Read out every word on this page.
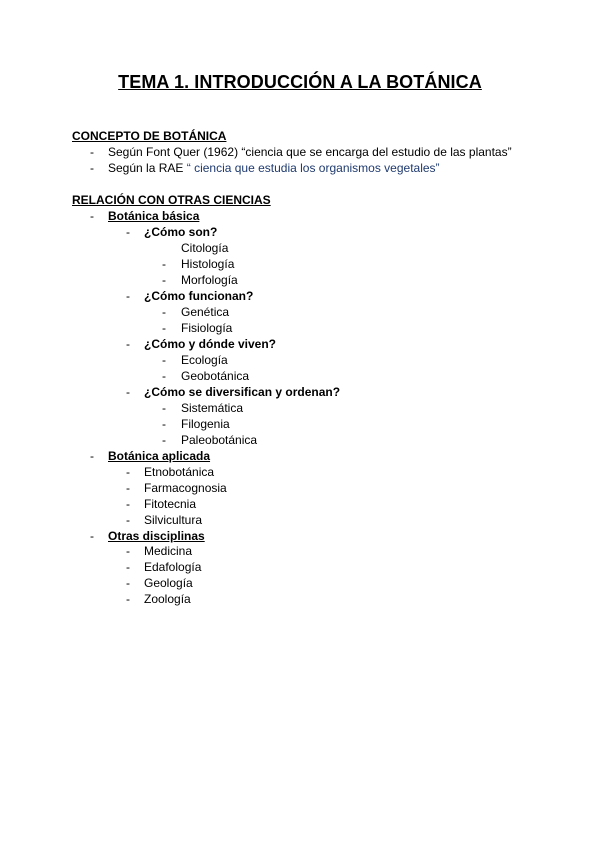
TEMA 1. INTRODUCCIÓN A LA BOTÁNICA
CONCEPTO DE BOTÁNICA
- Según Font Quer (1962) “ciencia que se encarga del estudio de las plantas”
- Según la RAE “ ciencia que estudia los organismos vegetales”
RELACIÓN CON OTRAS CIENCIAS
- Botánica básica
- ¿Cómo son?
Citología
- Histología
- Morfología
- ¿Cómo funcionan?
- Genética
- Fisiología
- ¿Cómo y dónde viven?
- Ecología
- Geobotánica
- ¿Cómo se diversifican y ordenan?
- Sistemática
- Filogenia
- Paleobotánica
- Botánica aplicada
- Etnobotánica
- Farmacognosia
- Fitotecnia
- Silvicultura
- Otras disciplinas
- Medicina
- Edafología
- Geología
- Zoología
